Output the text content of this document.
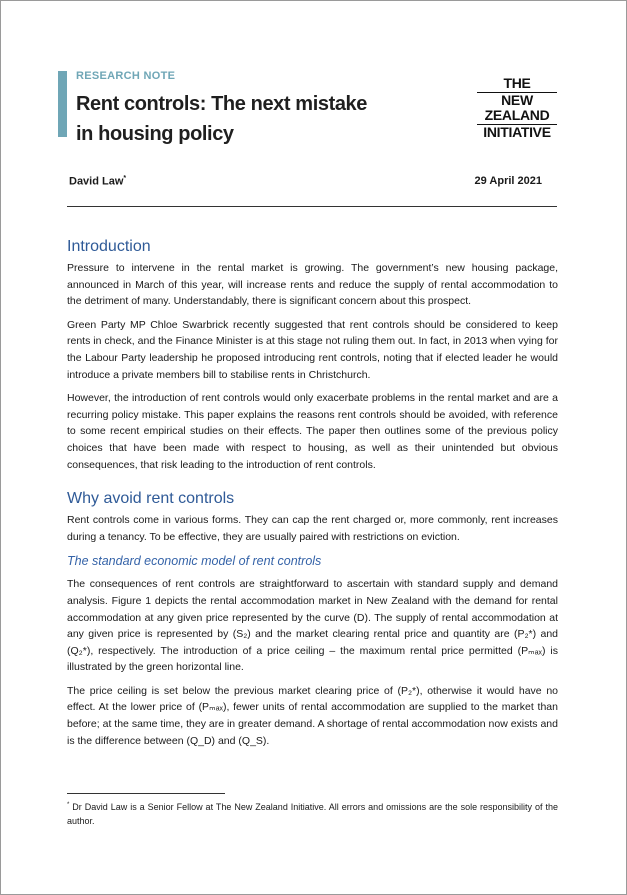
RESEARCH NOTE
Rent controls: The next mistake
in housing policy
THE
NEW ZEALAND
INITIATIVE
David Law*	29 April 2021
Introduction

Pressure to intervene in the rental market is growing. The government’s new housing package, announced in March of this year, will increase rents and reduce the supply of rental accommodation to the detriment of many. Understandably, there is significant concern about this prospect.

Green Party MP Chloe Swarbrick recently suggested that rent controls should be considered to keep rents in check, and the Finance Minister is at this stage not ruling them out. In fact, in 2013 when vying for the Labour Party leadership he proposed introducing rent controls, noting that if elected leader he would introduce a private members bill to stabilise rents in Christchurch.

However, the introduction of rent controls would only exacerbate problems in the rental market and are a recurring policy mistake. This paper explains the reasons rent controls should be avoided, with reference to some recent empirical studies on their effects. The paper then outlines some of the previous policy choices that have been made with respect to housing, as well as their unintended but obvious consequences, that risk leading to the introduction of rent controls.

Why avoid rent controls

Rent controls come in various forms. They can cap the rent charged or, more commonly, rent increases during a tenancy. To be effective, they are usually paired with restrictions on eviction.

The standard economic model of rent controls

The consequences of rent controls are straightforward to ascertain with standard supply and demand analysis. Figure 1 depicts the rental accommodation market in New Zealand with the demand for rental accommodation at any given price represented by the curve (D). The supply of rental accommodation at any given price is represented by (S₂) and the market clearing rental price and quantity are (P₂*) and (Q₂*), respectively. The introduction of a price ceiling – the maximum rental price permitted (Pₘₐₓ) is illustrated by the green horizontal line.

The price ceiling is set below the previous market clearing price of (P₂*), otherwise it would have no effect. At the lower price of (Pₘₐₓ), fewer units of rental accommodation are supplied to the market than before; at the same time, they are in greater demand. A shortage of rental accommodation now exists and is the difference between (Q_D) and (Q_S).

* Dr David Law is a Senior Fellow at The New Zealand Initiative. All errors and omissions are the sole responsibility of the author.
